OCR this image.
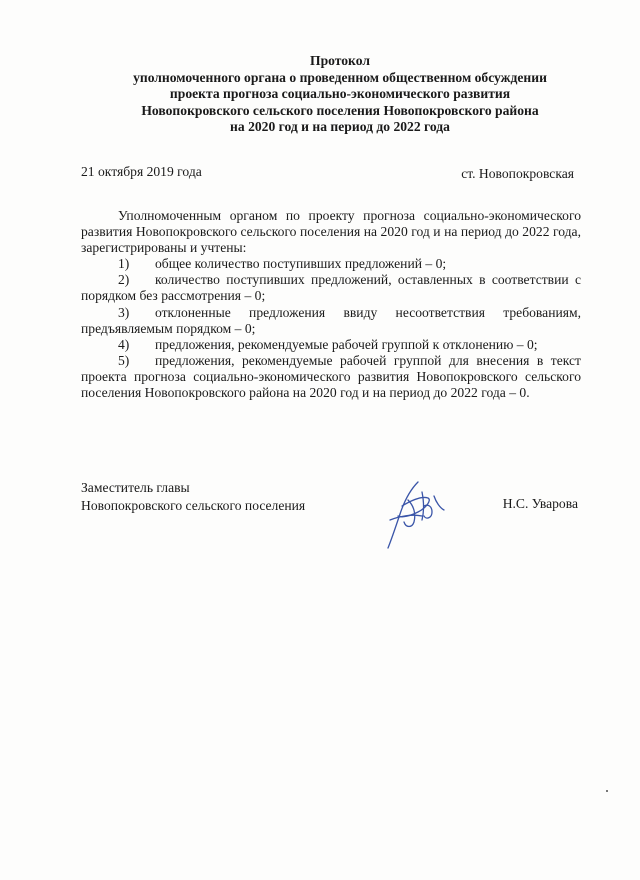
Протокол
уполномоченного органа о проведенном общественном обсуждении
проекта прогноза социально-экономического развития
Новопокровского сельского поселения Новопокровского района
на 2020 год и на период до 2022 года
21 октября 2019 года	ст. Новопокровская

Уполномоченным органом по проекту прогноза социально-экономического развития Новопокровского сельского поселения на 2020 год и на период до 2022 года, зарегистрированы и учтены:

1) общее количество поступивших предложений – 0;

2) количество поступивших предложений, оставленных в соответствии с порядком без рассмотрения – 0;

3) отклоненные предложения ввиду несоответствия требованиям, предъявляемым порядком – 0;

4) предложения, рекомендуемые рабочей группой к отклонению – 0;

5) предложения, рекомендуемые рабочей группой для внесения в текст проекта прогноза социально-экономического развития Новопокровского сельского поселения Новопокровского района на 2020 год и на период до 2022 года – 0.

Заместитель главы
Новопокровского сельского поселения	Н.С. Уварова
